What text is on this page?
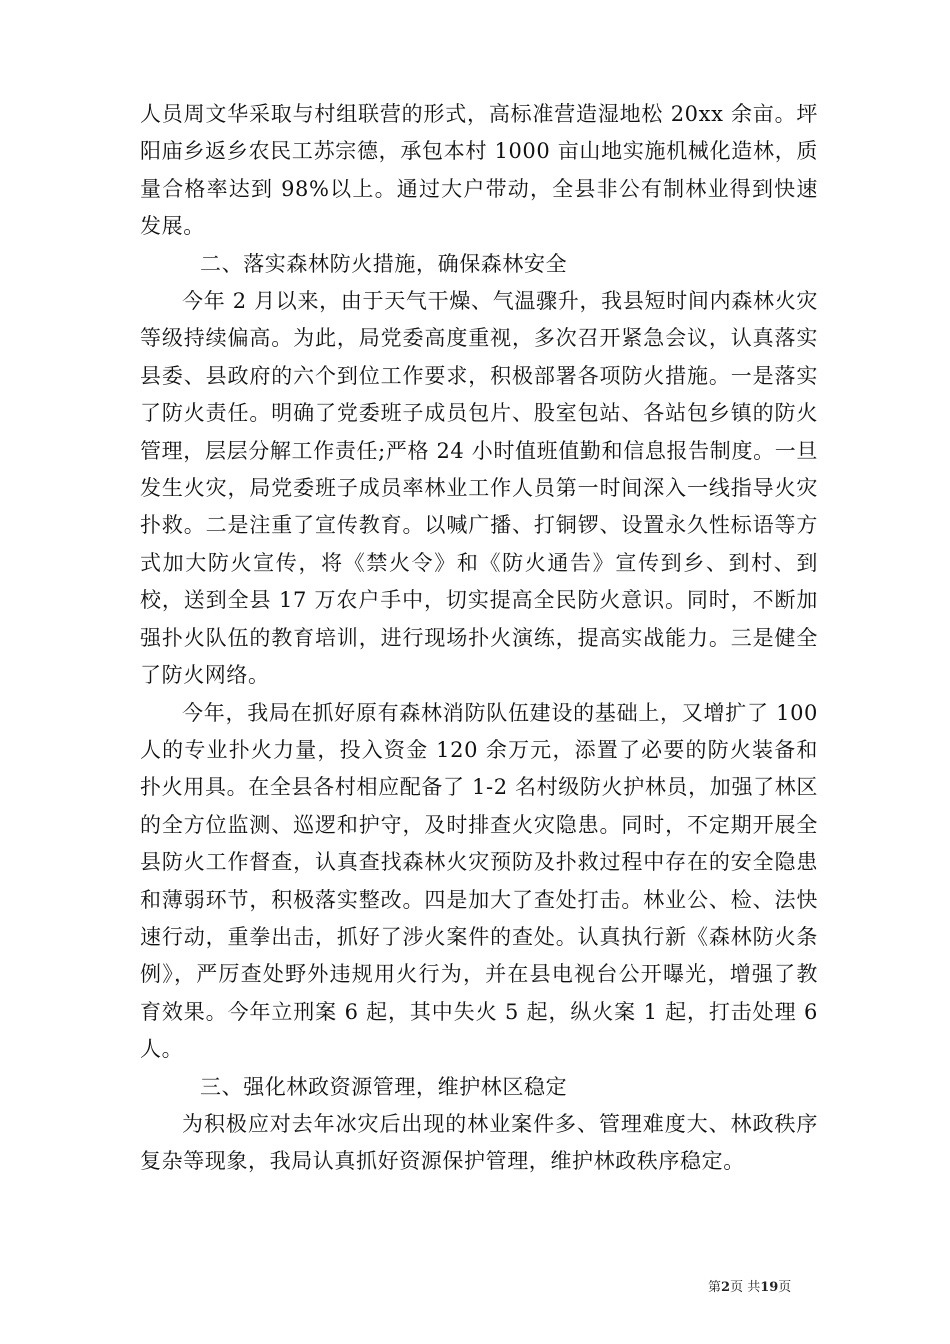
人员周文华采取与村组联营的形式，高标准营造湿地松 20xx 余亩。坪阳庙乡返乡农民工苏宗德，承包本村 1000 亩山地实施机械化造林，质量合格率达到 98%以上。通过大户带动，全县非公有制林业得到快速发展。

二、落实森林防火措施，确保森林安全

今年 2 月以来，由于天气干燥、气温骤升，我县短时间内森林火灾等级持续偏高。为此，局党委高度重视，多次召开紧急会议，认真落实县委、县政府的六个到位工作要求，积极部署各项防火措施。一是落实了防火责任。明确了党委班子成员包片、股室包站、各站包乡镇的防火管理，层层分解工作责任;严格 24 小时值班值勤和信息报告制度。一旦发生火灾，局党委班子成员率林业工作人员第一时间深入一线指导火灾扑救。二是注重了宣传教育。以喊广播、打铜锣、设置永久性标语等方式加大防火宣传，将《禁火令》和《防火通告》宣传到乡、到村、到校，送到全县 17 万农户手中，切实提高全民防火意识。同时，不断加强扑火队伍的教育培训，进行现场扑火演练，提高实战能力。三是健全了防火网络。

今年，我局在抓好原有森林消防队伍建设的基础上，又增扩了 100 人的专业扑火力量，投入资金 120 余万元，添置了必要的防火装备和扑火用具。在全县各村相应配备了 1-2 名村级防火护林员，加强了林区的全方位监测、巡逻和护守，及时排查火灾隐患。同时，不定期开展全县防火工作督查，认真查找森林火灾预防及扑救过程中存在的安全隐患和薄弱环节，积极落实整改。四是加大了查处打击。林业公、检、法快速行动，重拳出击，抓好了涉火案件的查处。认真执行新《森林防火条例》，严厉查处野外违规用火行为，并在县电视台公开曝光，增强了教育效果。今年立刑案 6 起，其中失火 5 起，纵火案 1 起，打击处理 6 人。

三、强化林政资源管理，维护林区稳定

为积极应对去年冰灾后出现的林业案件多、管理难度大、林政秩序复杂等现象，我局认真抓好资源保护管理，维护林政秩序稳定。

第2页 共19页
